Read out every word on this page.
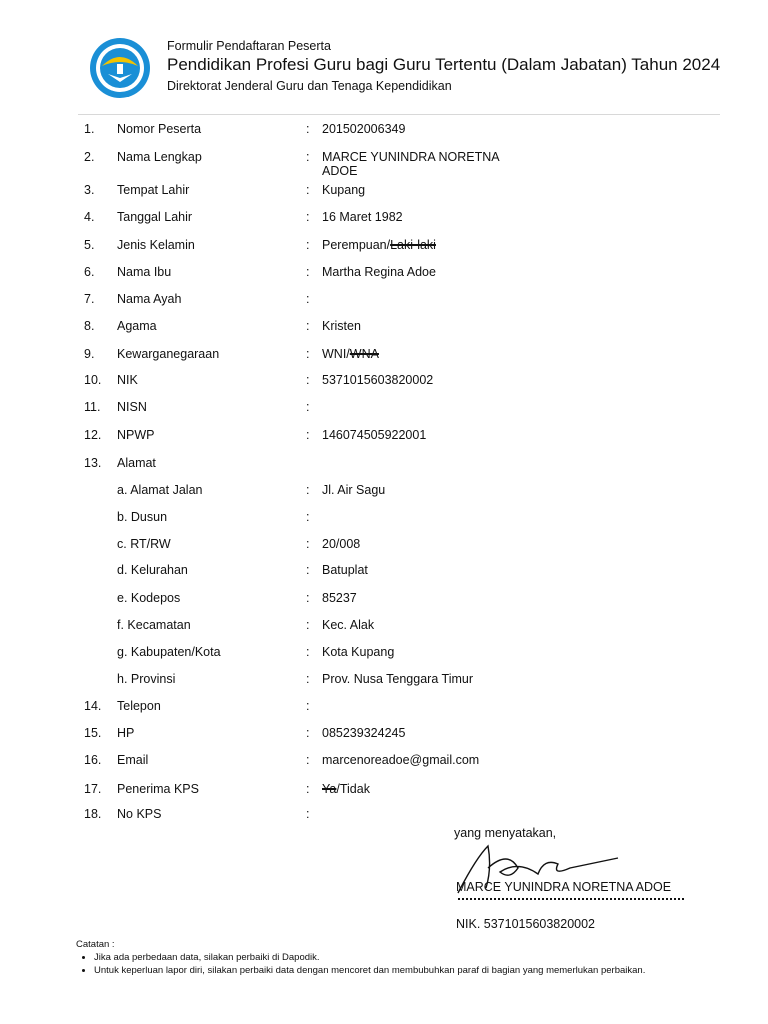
Formulir Pendaftaran Peserta
Pendidikan Profesi Guru bagi Guru Tertentu (Dalam Jabatan) Tahun 2024
Direktorat Jenderal Guru dan Tenaga Kependidikan
1. Nomor Peserta	: 201502006349
2. Nama Lengkap	: MARCE YUNINDRA NORETNA
ADOE
3. Tempat Lahir	: Kupang
4. Tanggal Lahir	: 16 Maret 1982
5. Jenis Kelamin	: Perempuan/Laki-laki
6. Nama Ibu	: Martha Regina Adoe
7. Nama Ayah	:
8. Agama	: Kristen
9. Kewarganegaraan	: WNI/WNA
10. NIK	: 5371015603820002
11. NISN	:
12. NPWP	: 146074505922001
13. Alamat
a. Alamat Jalan	: Jl. Air Sagu
b. Dusun	:
c. RT/RW	: 20/008
d. Kelurahan	: Batuplat
e. Kodepos	: 85237
f. Kecamatan	: Kec. Alak
g. Kabupaten/Kota	: Kota Kupang
h. Provinsi	: Prov. Nusa Tenggara Timur
14. Telepon	:
15. HP	: 085239324245
16. Email	: marcenoreadoe@gmail.com
17. Penerima KPS	: Ya/Tidak
18. No KPS	:
yang menyatakan,
MARCE YUNINDRA NORETNA ADOE
NIK. 5371015603820002
Catatan :
• Jika ada perbedaan data, silakan perbaiki di Dapodik.
• Untuk keperluan lapor diri, silakan perbaiki data dengan mencoret dan membubuhkan paraf di bagian yang memerlukan perbaikan.
